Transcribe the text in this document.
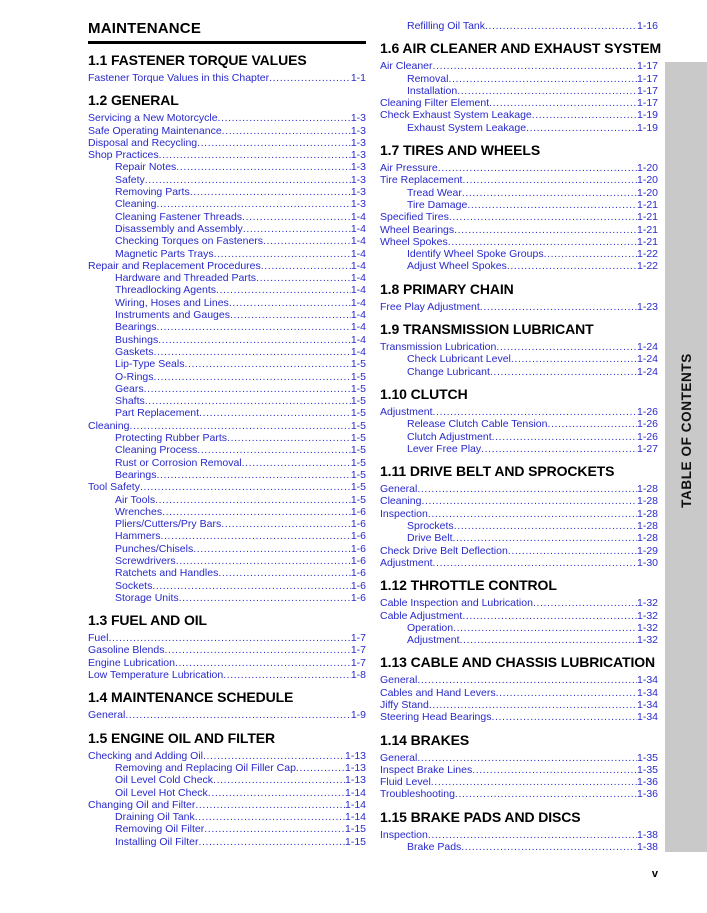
MAINTENANCE
1.1 FASTENER TORQUE VALUES
Fastener Torque Values in this Chapter .....	1-1
1.2 GENERAL
Servicing a New Motorcycle .....	1-3
Safe Operating Maintenance .....	1-3
Disposal and Recycling .....	1-3
Shop Practices .....	1-3
Repair Notes .....	1-3
Safety .....	1-3
Removing Parts .....	1-3
Cleaning .....	1-3
Cleaning Fastener Threads .....	1-4
Disassembly and Assembly .....	1-4
Checking Torques on Fasteners .....	1-4
Magnetic Parts Trays .....	1-4
Repair and Replacement Procedures .....	1-4
Hardware and Threaded Parts .....	1-4
Threadlocking Agents .....	1-4
Wiring, Hoses and Lines .....	1-4
Instruments and Gauges .....	1-4
Bearings .....	1-4
Bushings .....	1-4
Gaskets .....	1-4
Lip-Type Seals .....	1-5
O-Rings .....	1-5
Gears .....	1-5
Shafts .....	1-5
Part Replacement .....	1-5
Cleaning .....	1-5
Protecting Rubber Parts .....	1-5
Cleaning Process .....	1-5
Rust or Corrosion Removal .....	1-5
Bearings .....	1-5
Tool Safety .....	1-5
Air Tools .....	1-5
Wrenches .....	1-6
Pliers/Cutters/Pry Bars .....	1-6
Hammers .....	1-6
Punches/Chisels .....	1-6
Screwdrivers .....	1-6
Ratchets and Handles .....	1-6
Sockets .....	1-6
Storage Units .....	1-6
1.3 FUEL AND OIL
Fuel .....	1-7
Gasoline Blends .....	1-7
Engine Lubrication .....	1-7
Low Temperature Lubrication .....	1-8
1.4 MAINTENANCE SCHEDULE
General .....	1-9
1.5 ENGINE OIL AND FILTER
Checking and Adding Oil .....	1-13
Removing and Replacing Oil Filler Cap .....	1-13
Oil Level Cold Check .....	1-13
Oil Level Hot Check .....	1-14
Changing Oil and Filter .....	1-14
Draining Oil Tank .....	1-14
Removing Oil Filter .....	1-15
Installing Oil Filter .....	1-15
Refilling Oil Tank .....	1-16
1.6 AIR CLEANER AND EXHAUST SYSTEM
Air Cleaner .....	1-17
Removal .....	1-17
Installation .....	1-17
Cleaning Filter Element .....	1-17
Check Exhaust System Leakage .....	1-19
Exhaust System Leakage .....	1-19
1.7 TIRES AND WHEELS
Air Pressure .....	1-20
Tire Replacement .....	1-20
Tread Wear .....	1-20
Tire Damage .....	1-21
Specified Tires .....	1-21
Wheel Bearings .....	1-21
Wheel Spokes .....	1-21
Identify Wheel Spoke Groups .....	1-22
Adjust Wheel Spokes .....	1-22
1.8 PRIMARY CHAIN
Free Play Adjustment .....	1-23
1.9 TRANSMISSION LUBRICANT
Transmission Lubrication .....	1-24
Check Lubricant Level .....	1-24
Change Lubricant .....	1-24
1.10 CLUTCH
Adjustment .....	1-26
Release Clutch Cable Tension .....	1-26
Clutch Adjustment .....	1-26
Lever Free Play .....	1-27
1.11 DRIVE BELT AND SPROCKETS
General .....	1-28
Cleaning .....	1-28
Inspection .....	1-28
Sprockets .....	1-28
Drive Belt .....	1-28
Check Drive Belt Deflection .....	1-29
Adjustment .....	1-30
1.12 THROTTLE CONTROL
Cable Inspection and Lubrication .....	1-32
Cable Adjustment .....	1-32
Operation .....	1-32
Adjustment .....	1-32
1.13 CABLE AND CHASSIS LUBRICATION
General .....	1-34
Cables and Hand Levers .....	1-34
Jiffy Stand .....	1-34
Steering Head Bearings .....	1-34
1.14 BRAKES
General .....	1-35
Inspect Brake Lines .....	1-35
Fluid Level .....	1-36
Troubleshooting .....	1-36
1.15 BRAKE PADS AND DISCS
Inspection .....	1-38
Brake Pads .....	1-38
TABLE OF CONTENTS
v
